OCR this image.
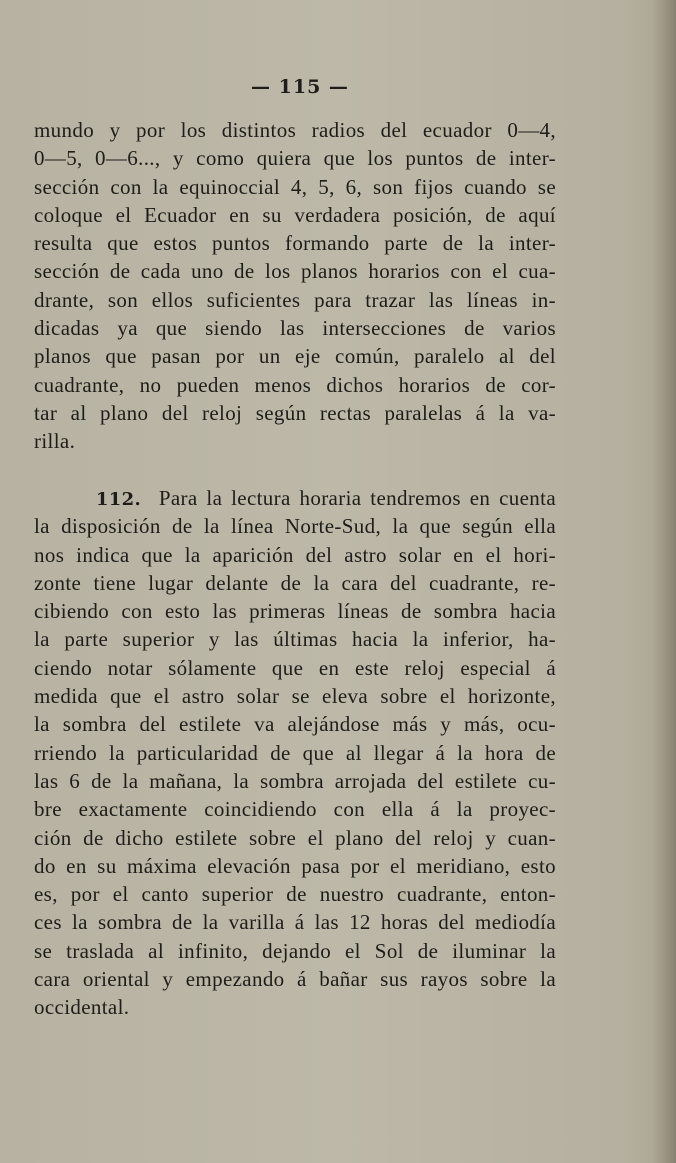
— 115 —
mundo y por los distintos radios del ecuador 0—4,
0—5, 0—6..., y como quiera que los puntos de inter-
sección con la equinoccial 4, 5, 6, son fijos cuando se
coloque el Ecuador en su verdadera posición, de aquí
resulta que estos puntos formando parte de la inter-
sección de cada uno de los planos horarios con el cua-
drante, son ellos suficientes para trazar las líneas in-
dicadas ya que siendo las intersecciones de varios
planos que pasan por un eje común, paralelo al del
cuadrante, no pueden menos dichos horarios de cor-
tar al plano del reloj según rectas paralelas á la va-
rilla.
112. Para la lectura horaria tendremos en cuenta
la disposición de la línea Norte-Sud, la que según ella
nos indica que la aparición del astro solar en el hori-
zonte tiene lugar delante de la cara del cuadrante, re-
cibiendo con esto las primeras líneas de sombra hacia
la parte superior y las últimas hacia la inferior, ha-
ciendo notar sólamente que en este reloj especial á
medida que el astro solar se eleva sobre el horizonte,
la sombra del estilete va alejándose más y más, ocu-
rriendo la particularidad de que al llegar á la hora de
las 6 de la mañana, la sombra arrojada del estilete cu-
bre exactamente coincidiendo con ella á la proyec-
ción de dicho estilete sobre el plano del reloj y cuan-
do en su máxima elevación pasa por el meridiano, esto
es, por el canto superior de nuestro cuadrante, enton-
ces la sombra de la varilla á las 12 horas del mediodía
se traslada al infinito, dejando el Sol de iluminar la
cara oriental y empezando á bañar sus rayos sobre la
occidental.
